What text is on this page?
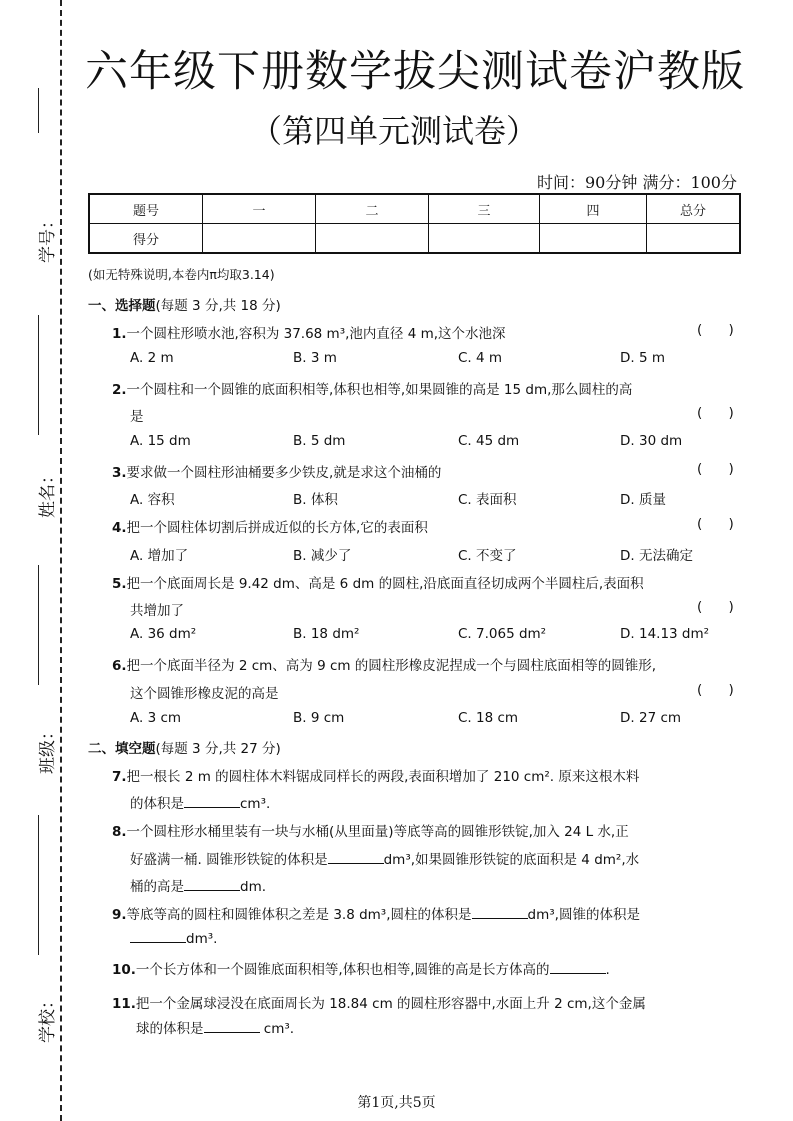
学号：
姓名：
班级：
学校：
六年级下册数学拔尖测试卷沪教版
（第四单元测试卷）
时间：90分钟 满分：100分
题号	一	二	三	四	总分
得分					
(如无特殊说明,本卷内π均取3.14)
一、选择题(每题 3 分,共 18 分)
1.一个圆柱形喷水池,容积为 37.68 m³,池内直径 4 m,这个水池深	( )
A. 2 m	B. 3 m	C. 4 m	D. 5 m
2.一个圆柱和一个圆锥的底面积相等,体积也相等,如果圆锥的高是 15 dm,那么圆柱的高
是	( )
A. 15 dm	B. 5 dm	C. 45 dm	D. 30 dm
3.要求做一个圆柱形油桶要多少铁皮,就是求这个油桶的	( )
A. 容积	B. 体积	C. 表面积	D. 质量
4.把一个圆柱体切割后拼成近似的长方体,它的表面积	( )
A. 增加了	B. 减少了	C. 不变了	D. 无法确定
5.把一个底面周长是 9.42 dm、高是 6 dm 的圆柱,沿底面直径切成两个半圆柱后,表面积
共增加了	( )
A. 36 dm²	B. 18 dm²	C. 7.065 dm²	D. 14.13 dm²
6.把一个底面半径为 2 cm、高为 9 cm 的圆柱形橡皮泥捏成一个与圆柱底面相等的圆锥形,
这个圆锥形橡皮泥的高是	( )
A. 3 cm	B. 9 cm	C. 18 cm	D. 27 cm
二、填空题(每题 3 分,共 27 分)
7.把一根长 2 m 的圆柱体木料锯成同样长的两段,表面积增加了 210 cm². 原来这根木料
的体积是	cm³.
8.一个圆柱形水桶里装有一块与水桶(从里面量)等底等高的圆锥形铁锭,加入 24 L 水,正
好盛满一桶. 圆锥形铁锭的体积是	dm³,如果圆锥形铁锭的底面积是 4 dm²,水
桶的高是	dm.
9.等底等高的圆柱和圆锥体积之差是 3.8 dm³,圆柱的体积是	dm³,圆锥的体积是
dm³.
10.一个长方体和一个圆锥底面积相等,体积也相等,圆锥的高是长方体高的	.
11.把一个金属球浸没在底面周长为 18.84 cm 的圆柱形容器中,水面上升 2 cm,这个金属
球的体积是	cm³.
第1页,共5页
